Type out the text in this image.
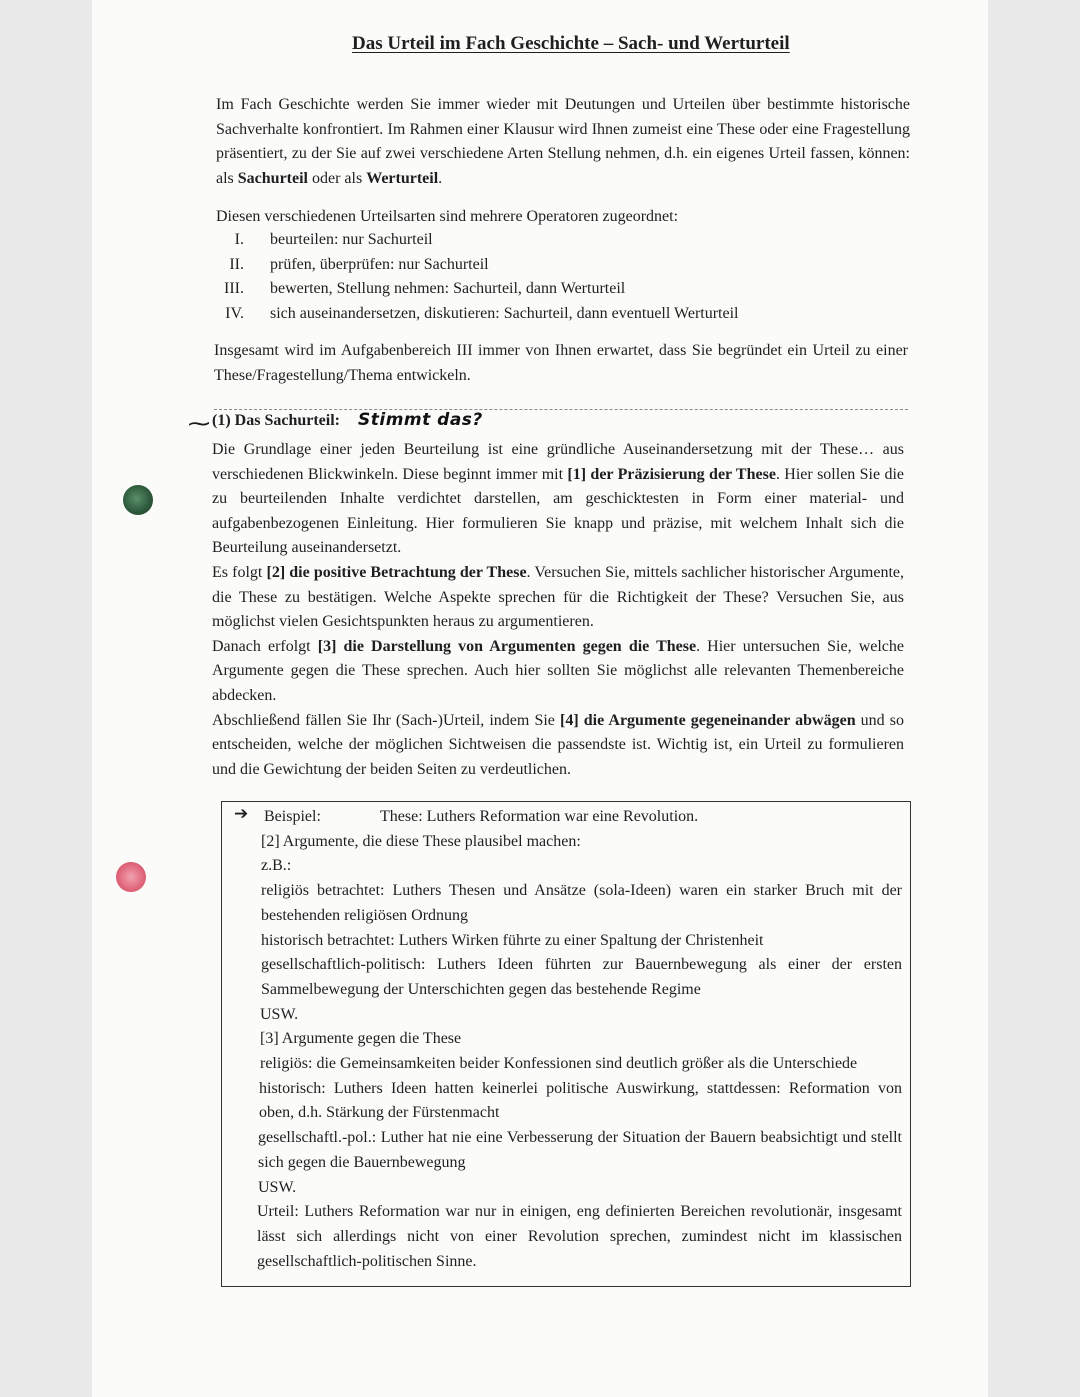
Das Urteil im Fach Geschichte – Sach- und Werturteil
Im Fach Geschichte werden Sie immer wieder mit Deutungen und Urteilen über bestimmte historische Sachverhalte konfrontiert. Im Rahmen einer Klausur wird Ihnen zumeist eine These oder eine Fragestellung präsentiert, zu der Sie auf zwei verschiedene Arten Stellung nehmen, d.h. ein eigenes Urteil fassen, können: als Sachurteil oder als Werturteil.
Diesen verschiedenen Urteilsarten sind mehrere Operatoren zugeordnet:
I.	beurteilen: nur Sachurteil
II.	prüfen, überprüfen: nur Sachurteil
III.	bewerten, Stellung nehmen: Sachurteil, dann Werturteil
IV.	sich auseinandersetzen, diskutieren: Sachurteil, dann eventuell Werturteil
Insgesamt wird im Aufgabenbereich III immer von Ihnen erwartet, dass Sie begründet ein Urteil zu einer These/Fragestellung/Thema entwickeln.
⁓ (1) Das Sachurteil: Stimmt das?
Die Grundlage einer jeden Beurteilung ist eine gründliche Auseinandersetzung mit der These… aus verschiedenen Blickwinkeln. Diese beginnt immer mit [1] der Präzisierung der These. Hier sollen Sie die zu beurteilenden Inhalte verdichtet darstellen, am geschicktesten in Form einer material- und aufgabenbezogenen Einleitung. Hier formulieren Sie knapp und präzise, mit welchem Inhalt sich die Beurteilung auseinandersetzt.
Es folgt [2] die positive Betrachtung der These. Versuchen Sie, mittels sachlicher historischer Argumente, die These zu bestätigen. Welche Aspekte sprechen für die Richtigkeit der These? Versuchen Sie, aus möglichst vielen Gesichtspunkten heraus zu argumentieren.
Danach erfolgt [3] die Darstellung von Argumenten gegen die These. Hier untersuchen Sie, welche Argumente gegen die These sprechen. Auch hier sollten Sie möglichst alle relevanten Themenbereiche abdecken.
Abschließend fällen Sie Ihr (Sach-)Urteil, indem Sie [4] die Argumente gegeneinander abwägen und so entscheiden, welche der möglichen Sichtweisen die passendste ist. Wichtig ist, ein Urteil zu formulieren und die Gewichtung der beiden Seiten zu verdeutlichen.
➔ Beispiel:	These: Luthers Reformation war eine Revolution.
[2] Argumente, die diese These plausibel machen:
z.B.:
religiös betrachtet: Luthers Thesen und Ansätze (sola-Ideen) waren ein starker Bruch mit der bestehenden religiösen Ordnung
historisch betrachtet: Luthers Wirken führte zu einer Spaltung der Christenheit
gesellschaftlich-politisch: Luthers Ideen führten zur Bauernbewegung als einer der ersten Sammelbewegung der Unterschichten gegen das bestehende Regime
USW.
[3] Argumente gegen die These
religiös: die Gemeinsamkeiten beider Konfessionen sind deutlich größer als die Unterschiede
historisch: Luthers Ideen hatten keinerlei politische Auswirkung, stattdessen: Reformation von oben, d.h. Stärkung der Fürstenmacht
gesellschaftl.-pol.: Luther hat nie eine Verbesserung der Situation der Bauern beabsichtigt und stellt sich gegen die Bauernbewegung
USW.
Urteil: Luthers Reformation war nur in einigen, eng definierten Bereichen revolutionär, insgesamt lässt sich allerdings nicht von einer Revolution sprechen, zumindest nicht im klassischen gesellschaftlich-politischen Sinne.
